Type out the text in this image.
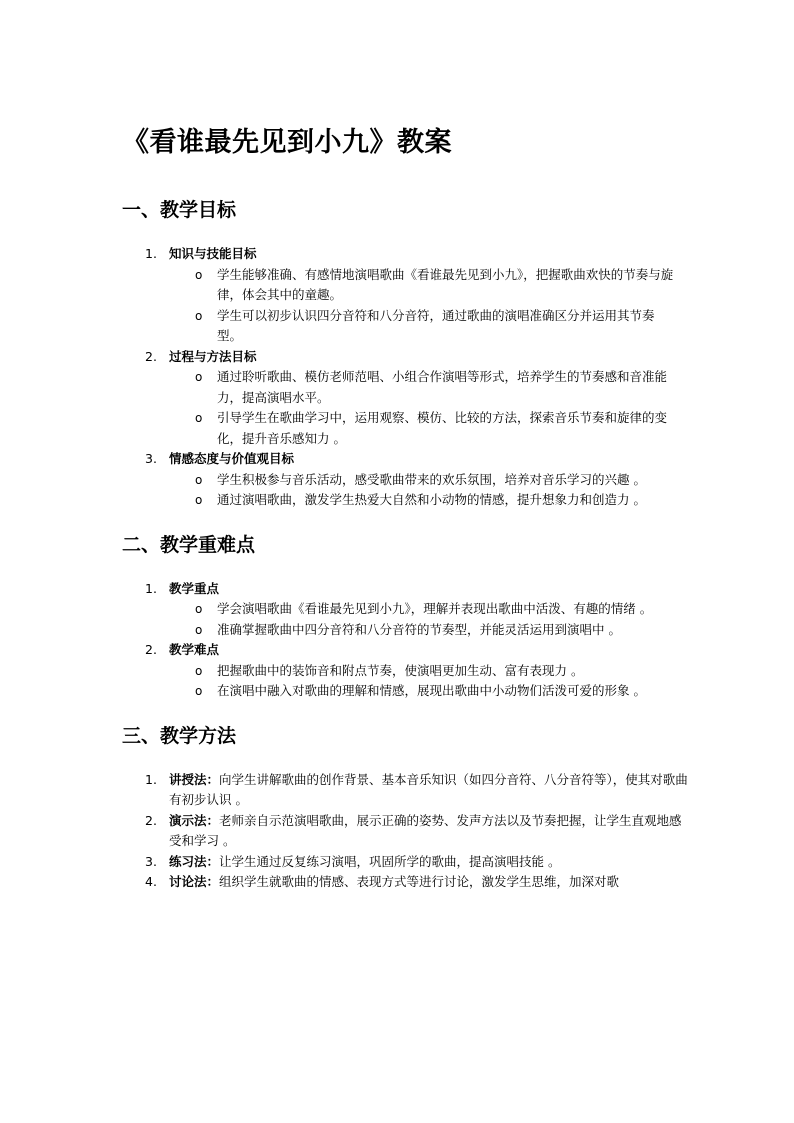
《看谁最先见到小九》教案
一、教学目标
1. 知识与技能目标
o 学生能够准确、有感情地演唱歌曲《看谁最先见到小九》，把握歌曲欢快的节奏与旋律，体会其中的童趣。
o 学生可以初步认识四分音符和八分音符，通过歌曲的演唱准确区分并运用其节奏型。
2. 过程与方法目标
o 通过聆听歌曲、模仿老师范唱、小组合作演唱等形式，培养学生的节奏感和音准能力，提高演唱水平。
o 引导学生在歌曲学习中，运用观察、模仿、比较的方法，探索音乐节奏和旋律的变化，提升音乐感知力 。
3. 情感态度与价值观目标
o 学生积极参与音乐活动，感受歌曲带来的欢乐氛围，培养对音乐学习的兴趣 。
o 通过演唱歌曲，激发学生热爱大自然和小动物的情感，提升想象力和创造力 。
二、教学重难点
1. 教学重点
o 学会演唱歌曲《看谁最先见到小九》，理解并表现出歌曲中活泼、有趣的情绪 。
o 准确掌握歌曲中四分音符和八分音符的节奏型，并能灵活运用到演唱中 。
2. 教学难点
o 把握歌曲中的装饰音和附点节奏，使演唱更加生动、富有表现力 。
o 在演唱中融入对歌曲的理解和情感，展现出歌曲中小动物们活泼可爱的形象 。
三、教学方法
1. 讲授法：向学生讲解歌曲的创作背景、基本音乐知识（如四分音符、八分音符等），使其对歌曲有初步认识 。
2. 演示法：老师亲自示范演唱歌曲，展示正确的姿势、发声方法以及节奏把握，让学生直观地感受和学习 。
3. 练习法：让学生通过反复练习演唱，巩固所学的歌曲，提高演唱技能 。
4. 讨论法：组织学生就歌曲的情感、表现方式等进行讨论，激发学生思维，加深对歌
